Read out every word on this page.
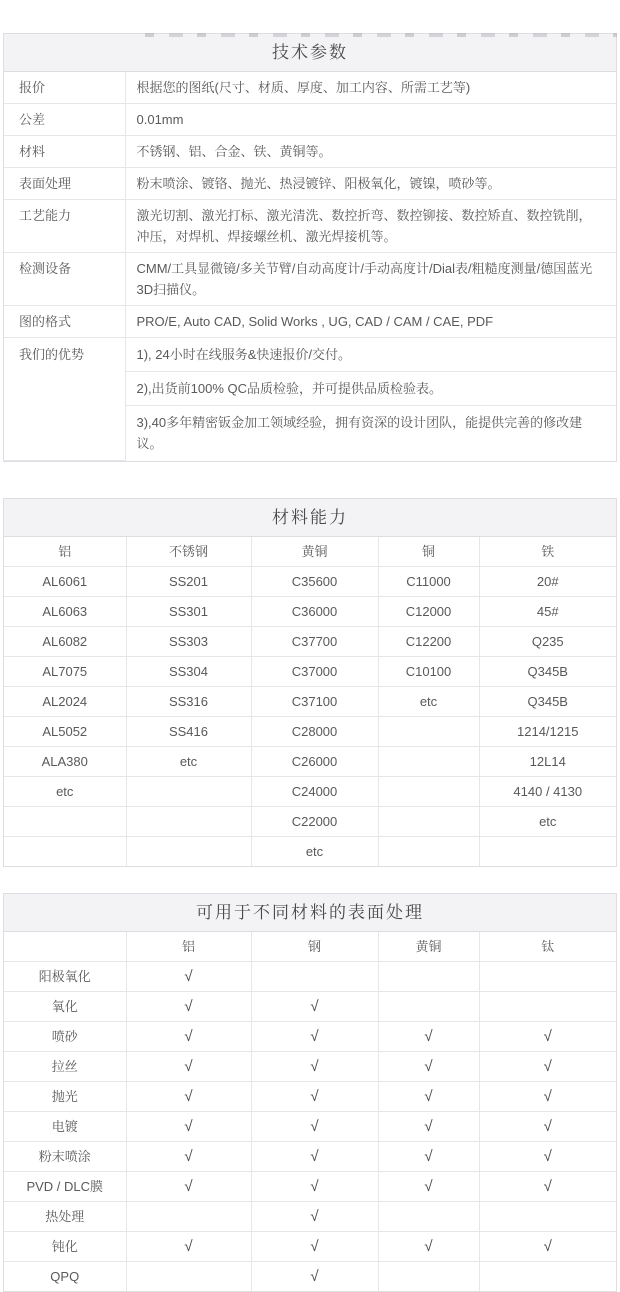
技术参数
报价	根据您的图纸(尺寸、材质、厚度、加工内容、所需工艺等)
公差	0.01mm
材料	不锈钢、铝、合金、铁、黄铜等。
表面处理	粉末喷涂、镀铬、抛光、热浸镀锌、阳极氧化，镀镍，喷砂等。
工艺能力	激光切割、激光打标、激光清洗、数控折弯、数控铆接、数控矫直、数控铣削，冲压，对焊机、焊接螺丝机、激光焊接机等。
检测设备	CMM/工具显微镜/多关节臂/自动高度计/手动高度计/Dial表/粗糙度测量/德国蓝光3D扫描仪。
图的格式	PRO/E, Auto CAD, Solid Works , UG, CAD / CAM / CAE, PDF
我们的优势	1), 24小时在线服务&快速报价/交付。
	2),出货前100% QC品质检验，并可提供品质检验表。
	3),40多年精密钣金加工领域经验，拥有资深的设计团队，能提供完善的修改建议。
材料能力
铝	不锈钢	黄铜	铜	铁
AL6061	SS201	C35600	C11000	20#
AL6063	SS301	C36000	C12000	45#
AL6082	SS303	C37700	C12200	Q235
AL7075	SS304	C37000	C10100	Q345B
AL2024	SS316	C37100	etc	Q345B
AL5052	SS416	C28000		1214/1215
ALA380	etc	C26000		12L14
etc		C24000		4140 / 4130
		C22000		etc
		etc		
可用于不同材料的表面处理
	铝	钢	黄铜	钛
阳极氧化	√			
氧化	√	√		
喷砂	√	√	√	√
拉丝	√	√	√	√
抛光	√	√	√	√
电镀	√	√	√	√
粉末喷涂	√	√	√	√
PVD / DLC膜	√	√	√	√
热处理		√		
钝化	√	√	√	√
QPQ		√		
